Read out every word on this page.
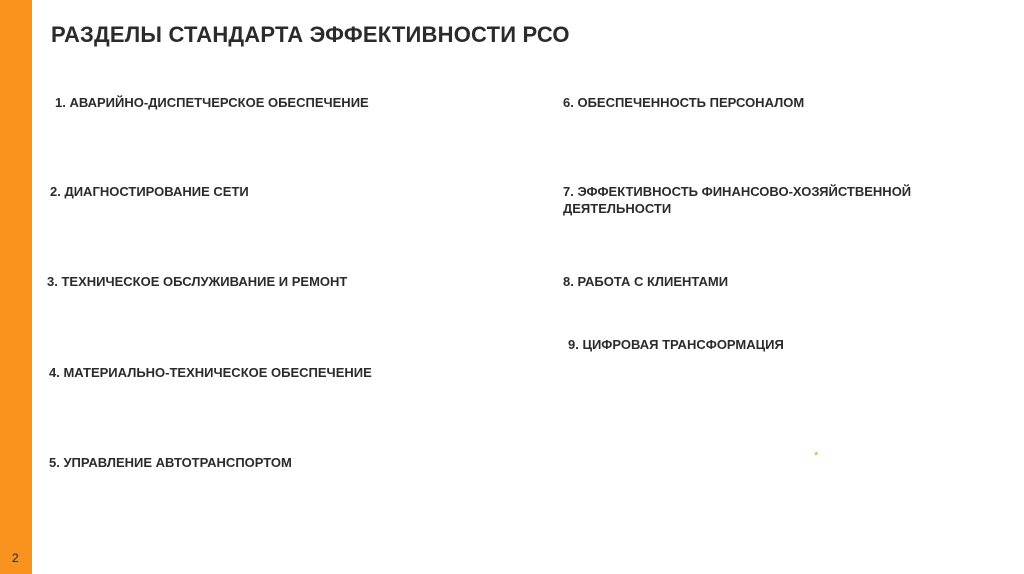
2
РАЗДЕЛЫ СТАНДАРТА ЭФФЕКТИВНОСТИ РСО
1. АВАРИЙНО-ДИСПЕТЧЕРСКОЕ ОБЕСПЕЧЕНИЕ
2. ДИАГНОСТИРОВАНИЕ СЕТИ
3. ТЕХНИЧЕСКОЕ ОБСЛУЖИВАНИЕ И РЕМОНТ
4. МАТЕРИАЛЬНО-ТЕХНИЧЕСКОЕ ОБЕСПЕЧЕНИЕ
5. УПРАВЛЕНИЕ АВТОТРАНСПОРТОМ
6. ОБЕСПЕЧЕННОСТЬ ПЕРСОНАЛОМ
7. ЭФФЕКТИВНОСТЬ ФИНАНСОВО-ХОЗЯЙСТВЕННОЙ
ДЕЯТЕЛЬНОСТИ
8. РАБОТА С КЛИЕНТАМИ
9. ЦИФРОВАЯ ТРАНСФОРМАЦИЯ
*
